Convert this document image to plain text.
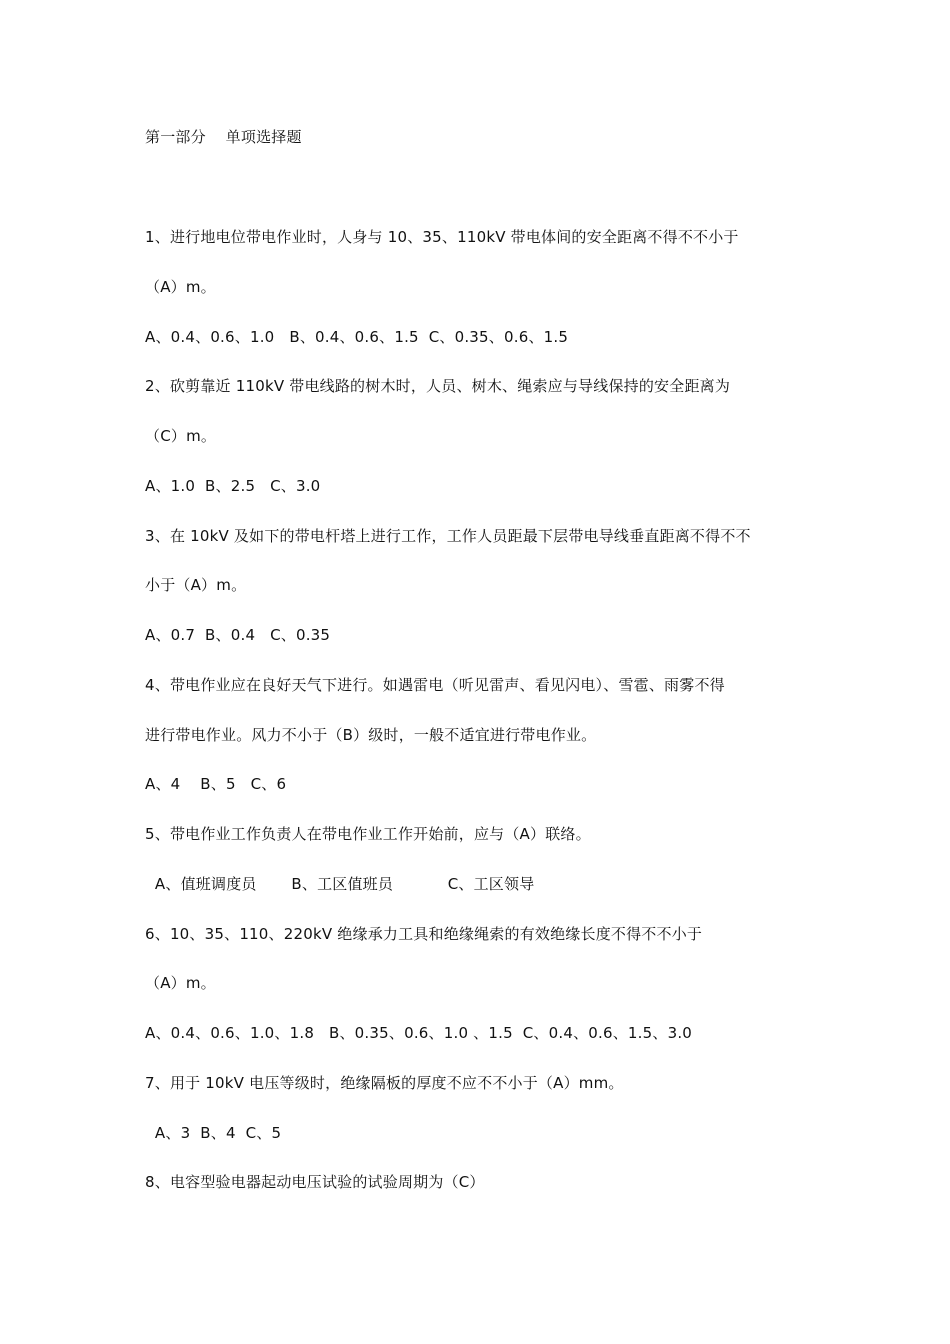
第一部分    单项选择题
1、进行地电位带电作业时，人身与 10、35、110kV 带电体间的安全距离不得不不小于
（A）m。
A、0.4、0.6、1.0   B、0.4、0.6、1.5  C、0.35、0.6、1.5
2、砍剪靠近 110kV 带电线路的树木时，人员、树木、绳索应与导线保持的安全距离为
（C）m。
A、1.0  B、2.5   C、3.0
3、在 10kV 及如下的带电杆塔上进行工作，工作人员距最下层带电导线垂直距离不得不不
小于（A）m。
A、0.7  B、0.4   C、0.35
4、带电作业应在良好天气下进行。如遇雷电（听见雷声、看见闪电）、雪雹、雨雾不得
进行带电作业。风力不小于（B）级时，一般不适宜进行带电作业。
A、4    B、5   C、6
5、带电作业工作负责人在带电作业工作开始前，应与（A）联络。
A、值班调度员       B、工区值班员           C、工区领导
6、10、35、110、220kV 绝缘承力工具和绝缘绳索的有效绝缘长度不得不不小于
（A）m。
A、0.4、0.6、1.0、1.8   B、0.35、0.6、1.0 、1.5  C、0.4、0.6、1.5、3.0
7、用于 10kV 电压等级时，绝缘隔板的厚度不应不不小于（A）mm。
A、3  B、4  C、5
8、电容型验电器起动电压试验的试验周期为（C）
